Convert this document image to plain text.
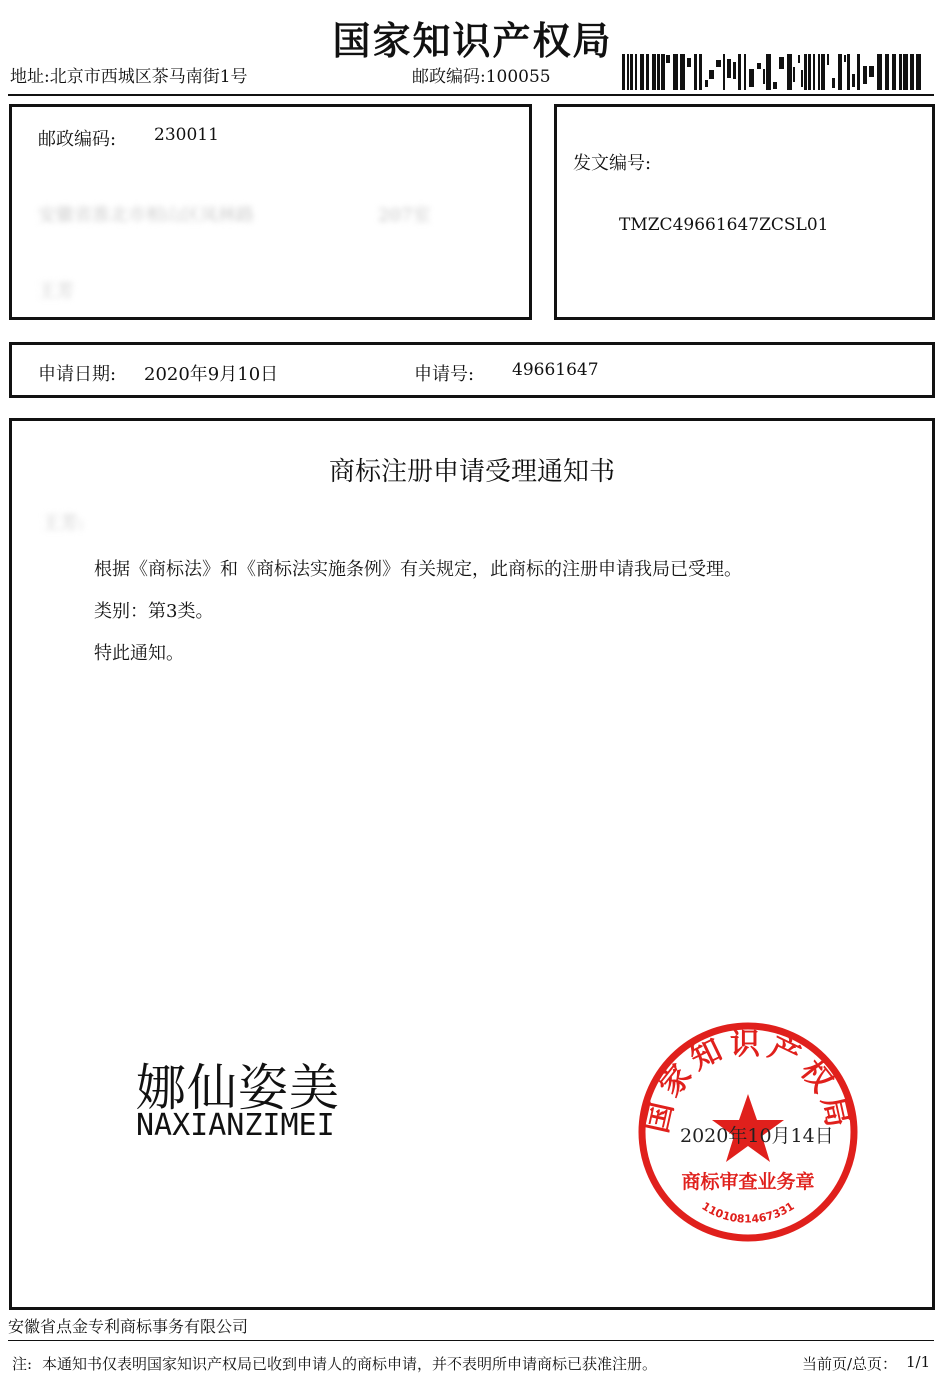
国家知识产权局
地址:北京市西城区茶马南街1号	邮政编码:100055
邮政编码: 230011
安徽省淮北市相山区凤林路	207室
王芳
发文编号:
TMZC49661647ZCSL01
申请日期: 2020年9月10日	申请号: 49661647
商标注册申请受理通知书
王芳:
根据《商标法》和《商标法实施条例》有关规定，此商标的注册申请我局已受理。
类别：第3类。
特此通知。
娜仙姿美
NAXIANZIMEI	国家知识产权局
商标审查业务章
1101081467331
2020年10月14日
安徽省点金专利商标事务有限公司
注: 本通知书仅表明国家知识产权局已收到申请人的商标申请，并不表明所申请商标已获准注册。	当前页/总页： 1/1
